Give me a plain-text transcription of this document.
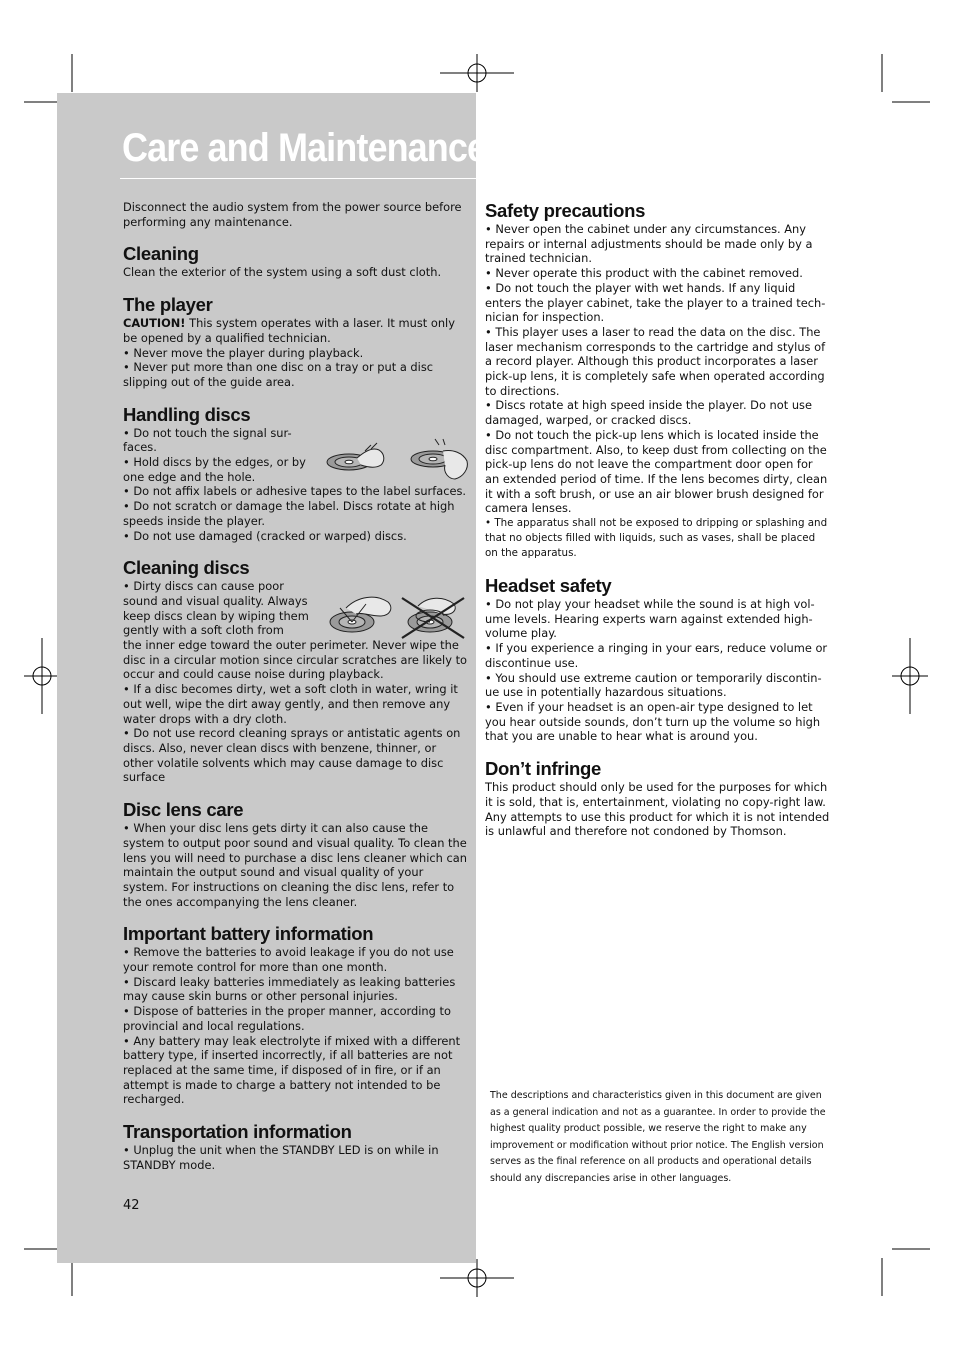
Care and Maintenance

Disconnect the audio system from the power source before performing any maintenance.

Cleaning

Clean the exterior of the system using a soft dust cloth.

The player

CAUTION! This system operates with a laser. It must only be opened by a qualified technician.

• Never move the player during playback.

• Never put more than one disc on a tray or put a disc slipping out of the guide area.

Handling discs

• Do not touch the signal sur-faces.

• Hold discs by the edges, or by one edge and the hole.

• Do not affix labels or adhesive tapes to the label surfaces.

• Do not scratch or damage the label. Discs rotate at high speeds inside the player.

• Do not use damaged (cracked or warped) discs.

Cleaning discs

• Dirty discs can cause poor sound and visual quality. Always keep discs clean by wiping them gently with a soft cloth from

the inner edge toward the outer perimeter. Never wipe the disc in a circular motion since circular scratches are likely to occur and could cause noise during playback.

• If a disc becomes dirty, wet a soft cloth in water, wring it out well, wipe the dirt away gently, and then remove any water drops with a dry cloth.

• Do not use record cleaning sprays or antistatic agents on discs. Also, never clean discs with benzene, thinner, or other volatile solvents which may cause damage to disc surface

Disc lens care

• When your disc lens gets dirty it can also cause the system to output poor sound and visual quality. To clean the lens you will need to purchase a disc lens cleaner which can maintain the output sound and visual quality of your system. For instructions on cleaning the disc lens, refer to the ones accompanying the lens cleaner.

Important battery information

• Remove the batteries to avoid leakage if you do not use your remote control for more than one month.

• Discard leaky batteries immediately as leaking batteries may cause skin burns or other personal injuries.

• Dispose of batteries in the proper manner, according to provincial and local regulations.

• Any battery may leak electrolyte if mixed with a different battery type, if inserted incorrectly, if all batteries are not replaced at the same time, if disposed of in fire, or if an attempt is made to charge a battery not intended to be recharged.

Transportation information

• Unplug the unit when the STANDBY LED is on while in STANDBY mode.

Safety precautions

• Never open the cabinet under any circumstances. Any repairs or internal adjustments should be made only by a trained technician.

• Never operate this product with the cabinet removed.

• Do not touch the player with wet hands. If any liquid enters the player cabinet, take the player to a trained tech-nician for inspection.

• This player uses a laser to read the data on the disc. The laser mechanism corresponds to the cartridge and stylus of a record player. Although this product incorporates a laser pick-up lens, it is completely safe when operated according to directions.

• Discs rotate at high speed inside the player. Do not use damaged, warped, or cracked discs.

• Do not touch the pick-up lens which is located inside the disc compartment. Also, to keep dust from collecting on the pick-up lens do not leave the compartment door open for an extended period of time. If the lens becomes dirty, clean it with a soft brush, or use an air blower brush designed for camera lenses.

• The apparatus shall not be exposed to dripping or splashing and that no objects filled with liquids, such as vases, shall be placed on the apparatus.

Headset safety

• Do not play your headset while the sound is at high vol-ume levels. Hearing experts warn against extended high-volume play.

• If you experience a ringing in your ears, reduce volume or discontinue use.

• You should use extreme caution or temporarily discontin-ue use in potentially hazardous situations.

• Even if your headset is an open-air type designed to let you hear outside sounds, don’t turn up the volume so high that you are unable to hear what is around you.

Don’t infringe

This product should only be used for the purposes for which it is sold, that is, entertainment, violating no copy-right law. Any attempts to use this product for which it is not intended is unlawful and therefore not condoned by Thomson.

The descriptions and characteristics given in this document are given as a general indication and not as a guarantee. In order to provide the highest quality product possible, we reserve the right to make any improvement or modification without prior notice. The English version serves as the final reference on all products and operational details should any discrepancies arise in other languages.
42
